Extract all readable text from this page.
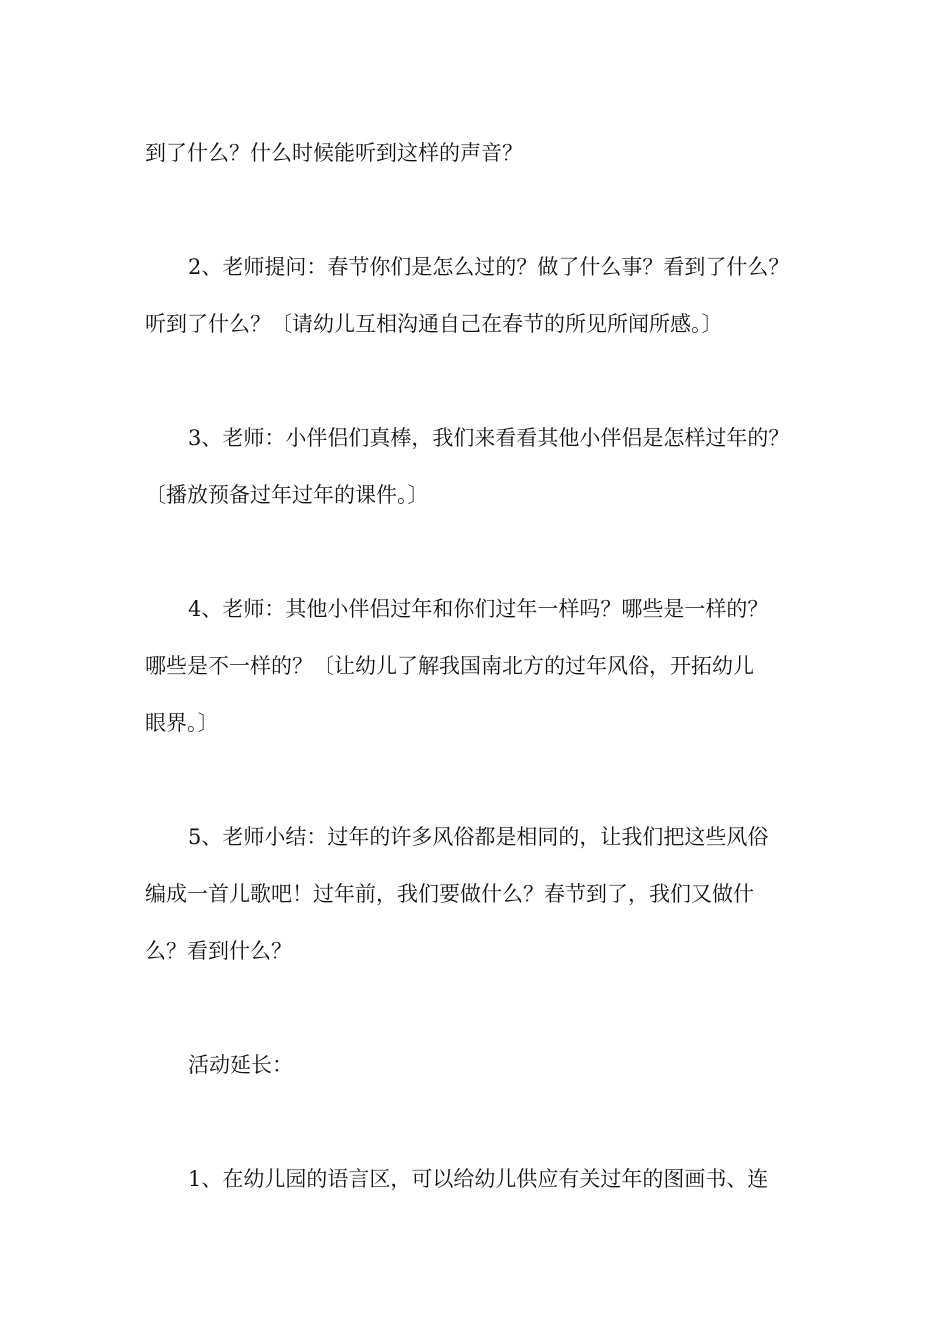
到了什么？什么时候能听到这样的声音？
2、老师提问：春节你们是怎么过的？做了什么事？看到了什么？
听到了什么？〔请幼儿互相沟通自己在春节的所见所闻所感。〕
3、老师：小伴侣们真棒，我们来看看其他小伴侣是怎样过年的？
〔播放预备过年过年的课件。〕
4、老师：其他小伴侣过年和你们过年一样吗？哪些是一样的？
哪些是不一样的？〔让幼儿了解我国南北方的过年风俗，开拓幼儿
眼界。〕
5、老师小结：过年的许多风俗都是相同的，让我们把这些风俗
编成一首儿歌吧！过年前，我们要做什么？春节到了，我们又做什
么？看到什么？
活动延长：
1、在幼儿园的语言区，可以给幼儿供应有关过年的图画书、连
